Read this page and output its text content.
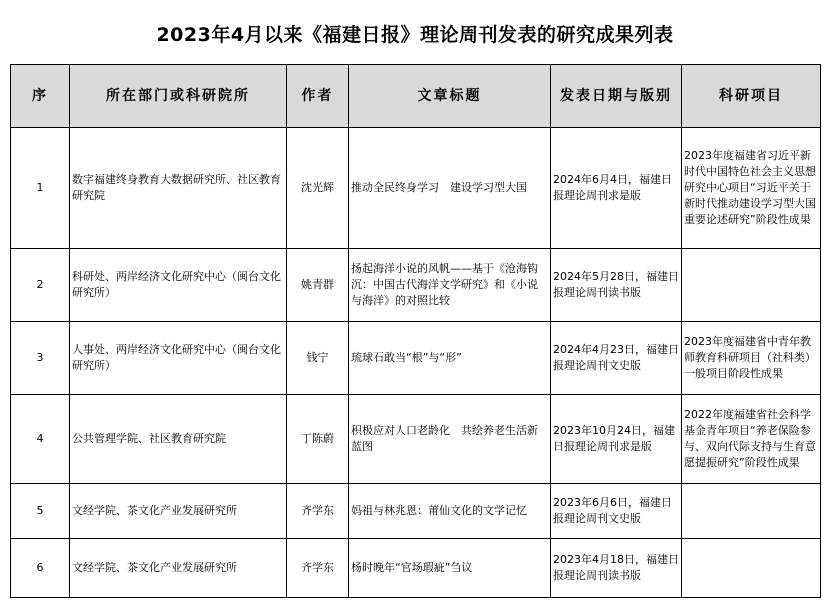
2023年4月以来《福建日报》理论周刊发表的研究成果列表
序	所在部门或科研院所	作者	文章标题	发表日期与版别	科研项目
1	数字福建终身教育大数据研究所、社区教育研究院	沈光辉	推动全民终身学习　建设学习型大国	2024年6月4日，福建日报理论周刊求是版	2023年度福建省习近平新时代中国特色社会主义思想研究中心项目“习近平关于新时代推动建设学习型大国重要论述研究”阶段性成果
2	科研处、两岸经济文化研究中心（闽台文化研究所）	姚青群	扬起海洋小说的风帆——基于《沧海钩沉：中国古代海洋文学研究》和《小说与海洋》的对照比较	2024年5月28日，福建日报理论周刊读书版	
3	人事处、两岸经济文化研究中心（闽台文化研究所）	钱宁	琉球石敢当“根”与“形”	2024年4月23日，福建日报理论周刊文史版	2023年度福建省中青年教师教育科研项目（社科类）一般项目阶段性成果
4	公共管理学院、社区教育研究院	丁陈蔚	积极应对人口老龄化　共绘养老生活新蓝图	2023年10月24日，福建日报理论周刊求是版	2022年度福建省社会科学基金青年项目“养老保险参与、双向代际支持与生育意愿提振研究”阶段性成果
5	文经学院、茶文化产业发展研究所	齐学东	妈祖与林兆恩：莆仙文化的文学记忆	2023年6月6日，福建日报理论周刊文史版	
6	文经学院、茶文化产业发展研究所	齐学东	杨时晚年“官场瑕疵”刍议	2023年4月18日，福建日报理论周刊读书版	
